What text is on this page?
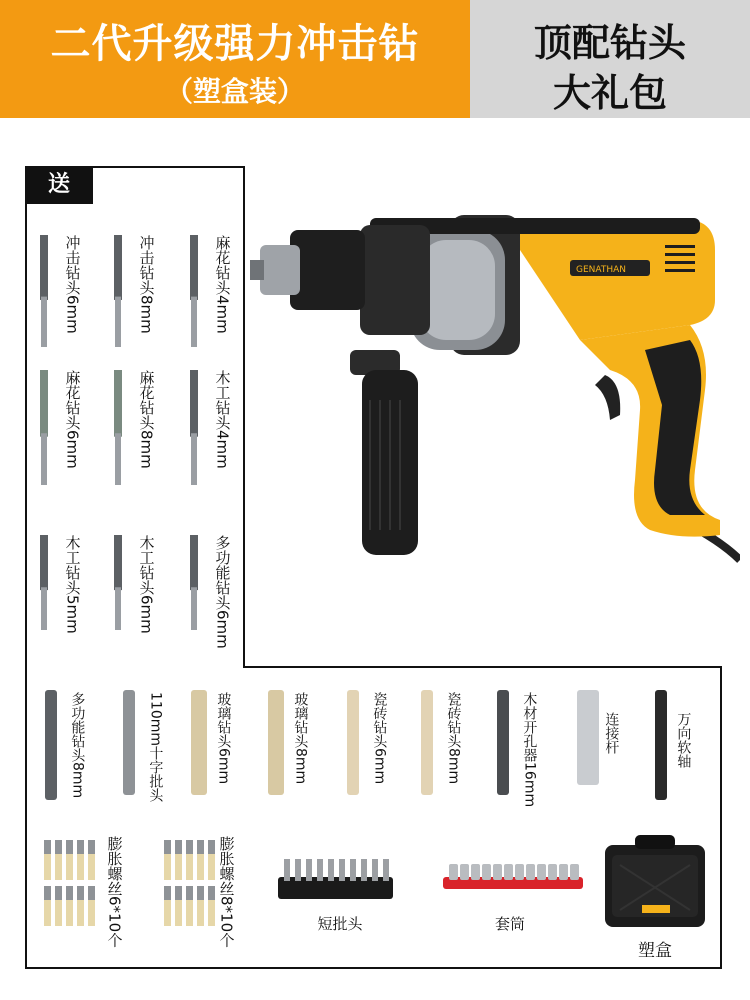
二代升级强力冲击钻
（塑盒装）
顶配钻头
大礼包
送
GENATHAN
冲击钻头6mm	冲击钻头8mm	麻花钻头4mm
麻花钻头6mm	麻花钻头8mm	木工钻头4mm
木工钻头5mm	木工钻头6mm	多功能钻头6mm
多功能钻头8mm	110mm十字批头	玻璃钻头6mm	玻璃钻头8mm	瓷砖钻头6mm	瓷砖钻头8mm	木材开孔器16mm	连接杆	万向软轴
膨胀螺丝6*10个	膨胀螺丝8*10个	短批头	套筒
塑盒
